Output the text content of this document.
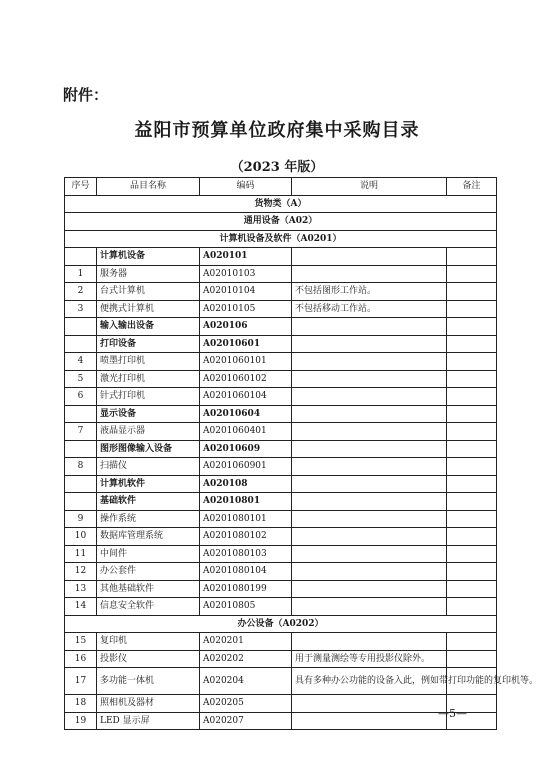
附件：
益阳市预算单位政府集中采购目录
（2023 年版）
序号	品目名称	编码	说明	备注
货物类（A）				
通用设备（A02）				
计算机设备及软件（A0201）				
	计算机设备	A020101		
1	服务器	A02010103		
2	台式计算机	A02010104	不包括图形工作站。	
3	便携式计算机	A02010105	不包括移动工作站。	
	输入输出设备	A020106		
	打印设备	A02010601		
4	喷墨打印机	A0201060101		
5	激光打印机	A0201060102		
6	针式打印机	A0201060104		
	显示设备	A02010604		
7	液晶显示器	A0201060401		
	图形图像输入设备	A02010609		
8	扫描仪	A0201060901		
	计算机软件	A020108		
	基础软件	A02010801		
9	操作系统	A0201080101		
10	数据库管理系统	A0201080102		
11	中间件	A0201080103		
12	办公套件	A0201080104		
13	其他基础软件	A0201080199		
14	信息安全软件	A02010805		
办公设备（A0202）				
15	复印机	A020201		
16	投影仪	A020202	用于测量测绘等专用投影仪除外。	
17	多功能一体机	A020204	具有多种办公功能的设备入此，例如带打印功能的复印机等。	
18	照相机及器材	A020205		
19	LED 显示屏	A020207		
—5—
